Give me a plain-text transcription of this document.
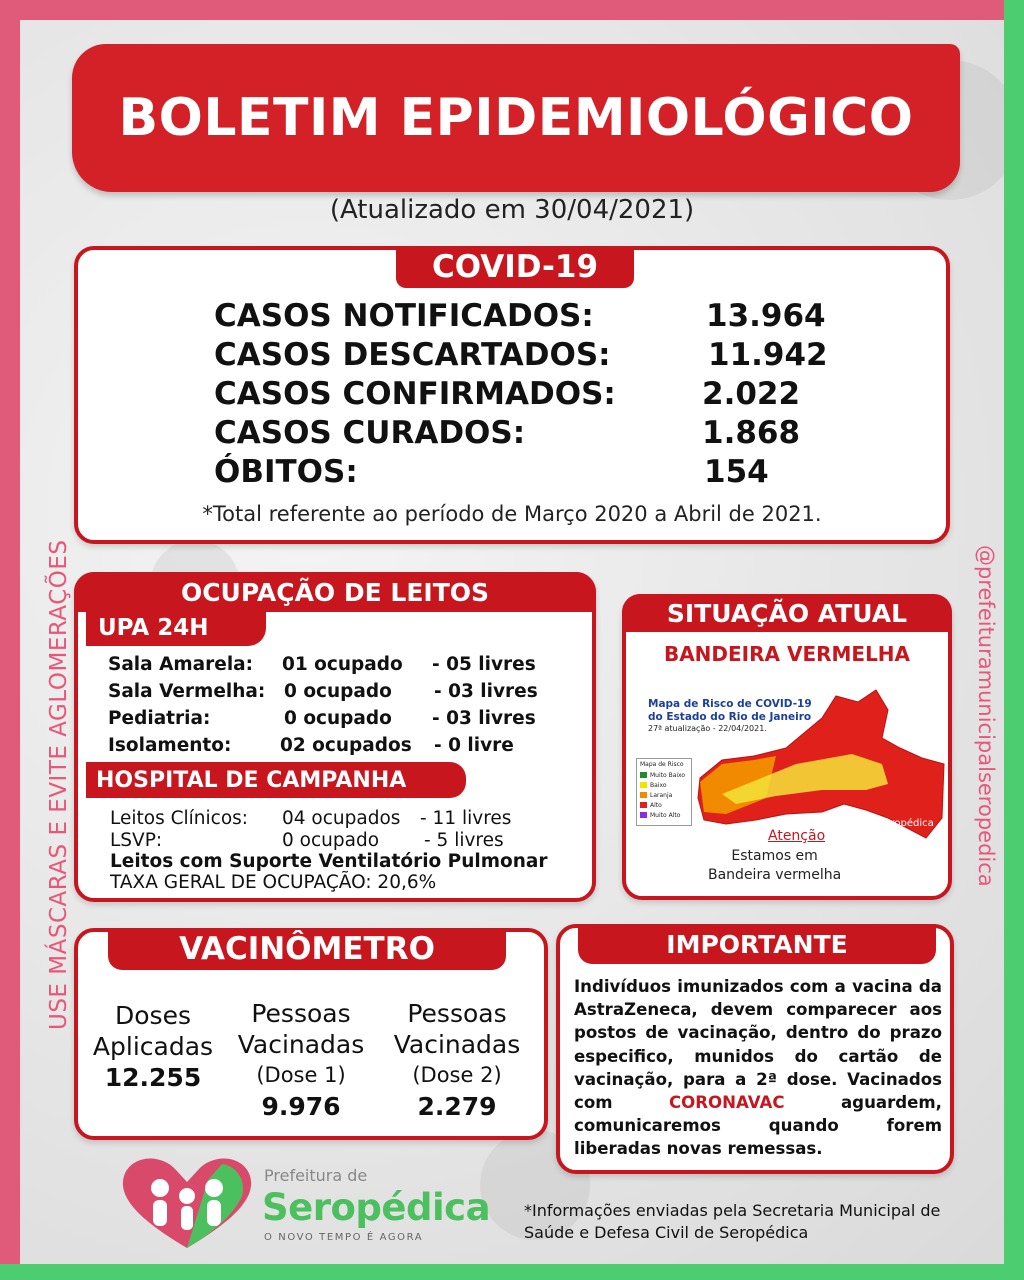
USE MÁSCARAS E EVITE AGLOMERAÇÕES	@prefeituramunicipalseropedica
BOLETIM EPIDEMIOLÓGICO
(Atualizado em 30/04/2021)
COVID-19
CASOS NOTIFICADOS:	13.964
CASOS DESCARTADOS:	11.942
CASOS CONFIRMADOS:	2.022
CASOS CURADOS:	1.868
ÓBITOS:	154
*Total referente ao período de Março 2020 a Abril de 2021.
OCUPAÇÃO DE LEITOS
UPA 24H
Sala Amarela: 01 ocupado - 05 livres
Sala Vermelha: 0 ocupado - 03 livres
Pediatria:	0 ocupado - 03 livres
Isolamento:	02 ocupados - 0 livre
HOSPITAL DE CAMPANHA
Leitos Clínicos: 04 ocupados - 11 livres
LSVP:	0 ocupado - 5 livres
Leitos com Suporte Ventilatório Pulmonar
TAXA GERAL DE OCUPAÇÃO: 20,6%
SITUAÇÃO ATUAL
BANDEIRA VERMELHA
Mapa de Risco de COVID-19
do Estado do Rio de Janeiro
27ª atualização - 22/04/2021.
Mapa de Risco
Muito Baixo
Baixo
Laranja
Alto
Muito Alto
Seropédica
Atenção
Estamos em
Bandeira vermelha
VACINÔMETRO
Doses
Aplicadas
12.255
Pessoas
Vacinadas
(Dose 1)
9.976
Pessoas
Vacinadas
(Dose 2)
2.279
IMPORTANTE
Indivíduos imunizados com a vacina da AstraZeneca, devem comparecer aos postos de vacinação, dentro do prazo especifico, munidos do cartão de vacinação, para a 2ª dose. Vacinados com CORONAVAC aguardem, comunicaremos quando forem liberadas novas remessas.
Prefeitura de
Seropédica
O NOVO TEMPO É AGORA
*Informações enviadas pela Secretaria Municipal de Saúde e Defesa Civil de Seropédica
